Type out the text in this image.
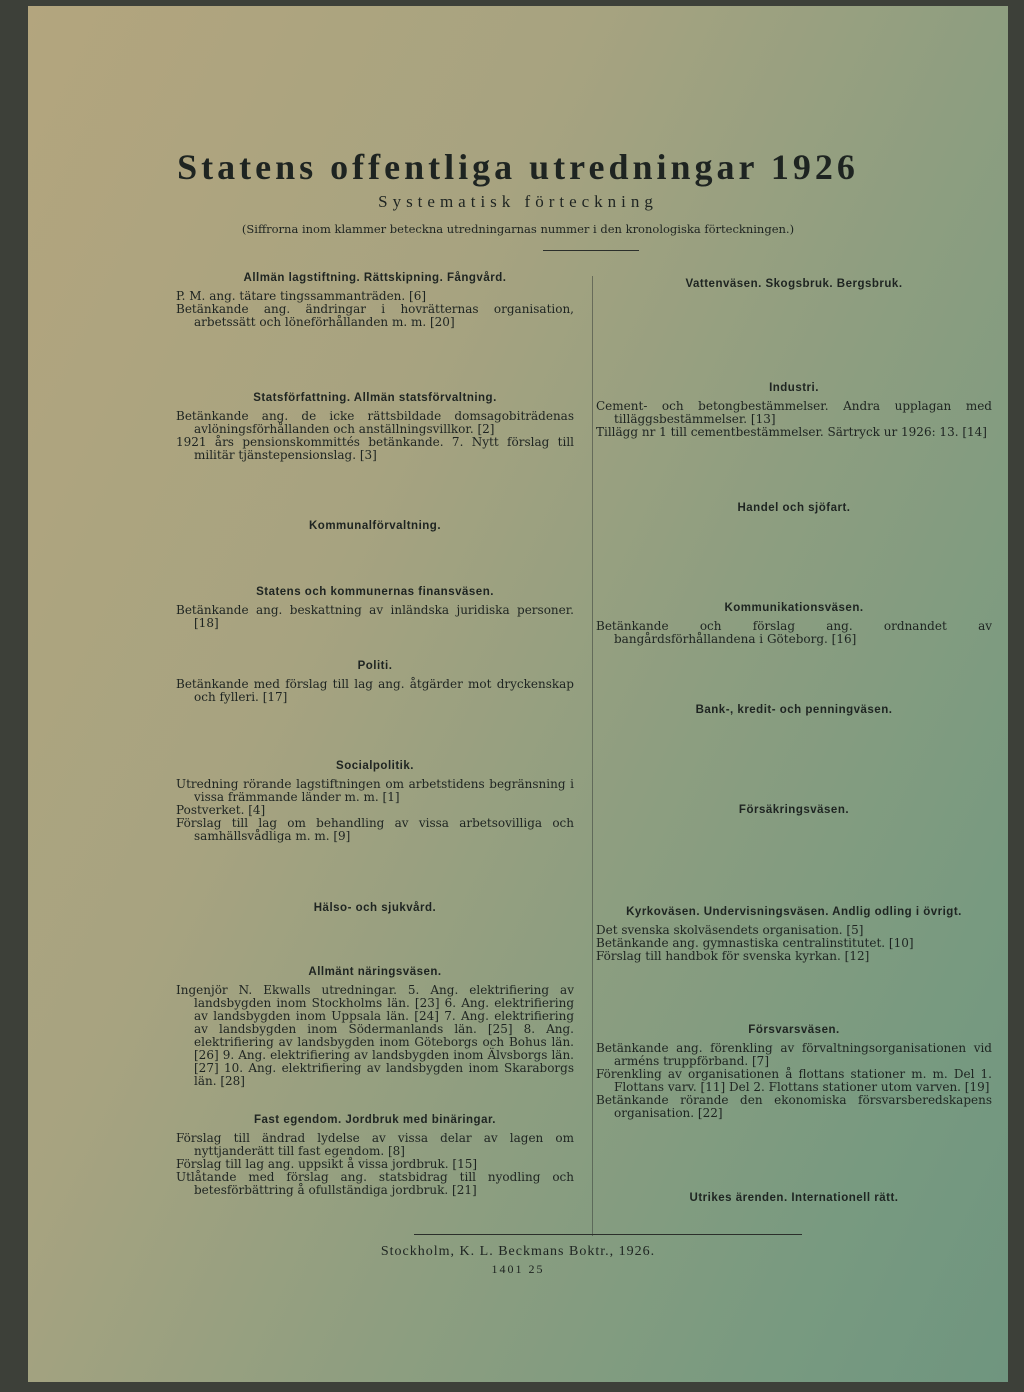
Statens offentliga utredningar 1926
Systematisk förteckning
(Siffrorna inom klammer beteckna utredningarnas nummer i den kronologiska förteckningen.)

Allmän lagstiftning. Rättskipning. Fångvård.

P. M. ang. tätare tingssammanträden. [6]

Betänkande ang. ändringar i hovrätternas organisation, arbetssätt och löneförhållanden m. m. [20]

Statsförfattning. Allmän statsförvaltning.

Betänkande ang. de icke rättsbildade domsagobiträdenas avlöningsförhållanden och anställningsvillkor. [2]

1921 års pensionskommittés betänkande. 7. Nytt förslag till militär tjänstepensionslag. [3]

Kommunalförvaltning.

Statens och kommunernas finansväsen.

Betänkande ang. beskattning av inländska juridiska personer. [18]

Politi.

Betänkande med förslag till lag ang. åtgärder mot dryckenskap och fylleri. [17]

Socialpolitik.

Utredning rörande lagstiftningen om arbetstidens begränsning i vissa främmande länder m. m. [1]

Postverket. [4]

Förslag till lag om behandling av vissa arbetsovilliga och samhällsvådliga m. m. [9]

Hälso- och sjukvård.

Allmänt näringsväsen.

Ingenjör N. Ekwalls utredningar. 5. Ang. elektrifiering av landsbygden inom Stockholms län. [23] 6. Ang. elektrifiering av landsbygden inom Uppsala län. [24] 7. Ang. elektrifiering av landsbygden inom Södermanlands län. [25] 8. Ang. elektrifiering av landsbygden inom Göteborgs och Bohus län. [26] 9. Ang. elektrifiering av landsbygden inom Älvsborgs län. [27] 10. Ang. elektrifiering av landsbygden inom Skaraborgs län. [28]

Fast egendom. Jordbruk med binäringar.

Förslag till ändrad lydelse av vissa delar av lagen om nyttjanderätt till fast egendom. [8]

Förslag till lag ang. uppsikt å vissa jordbruk. [15]

Utlåtande med förslag ang. statsbidrag till nyodling och betesförbättring å ofullständiga jordbruk. [21]

Vattenväsen. Skogsbruk. Bergsbruk.

Industri.

Cement- och betongbestämmelser. Andra upplagan med tilläggsbestämmelser. [13]

Tillägg nr 1 till cementbestämmelser. Särtryck ur 1926: 13. [14]

Handel och sjöfart.

Kommunikationsväsen.

Betänkande och förslag ang. ordnandet av bangårdsförhållandena i Göteborg. [16]

Bank-, kredit- och penningväsen.

Försäkringsväsen.

Kyrkoväsen. Undervisningsväsen. Andlig odling i övrigt.

Det svenska skolväsendets organisation. [5]

Betänkande ang. gymnastiska centralinstitutet. [10]

Förslag till handbok för svenska kyrkan. [12]

Försvarsväsen.

Betänkande ang. förenkling av förvaltningsorganisationen vid arméns truppförband. [7]

Förenkling av organisationen å flottans stationer m. m. Del 1. Flottans varv. [11] Del 2. Flottans stationer utom varven. [19]

Betänkande rörande den ekonomiska försvarsberedskapens organisation. [22]

Utrikes ärenden. Internationell rätt.

Stockholm, K. L. Beckmans Boktr., 1926.
1401 25
